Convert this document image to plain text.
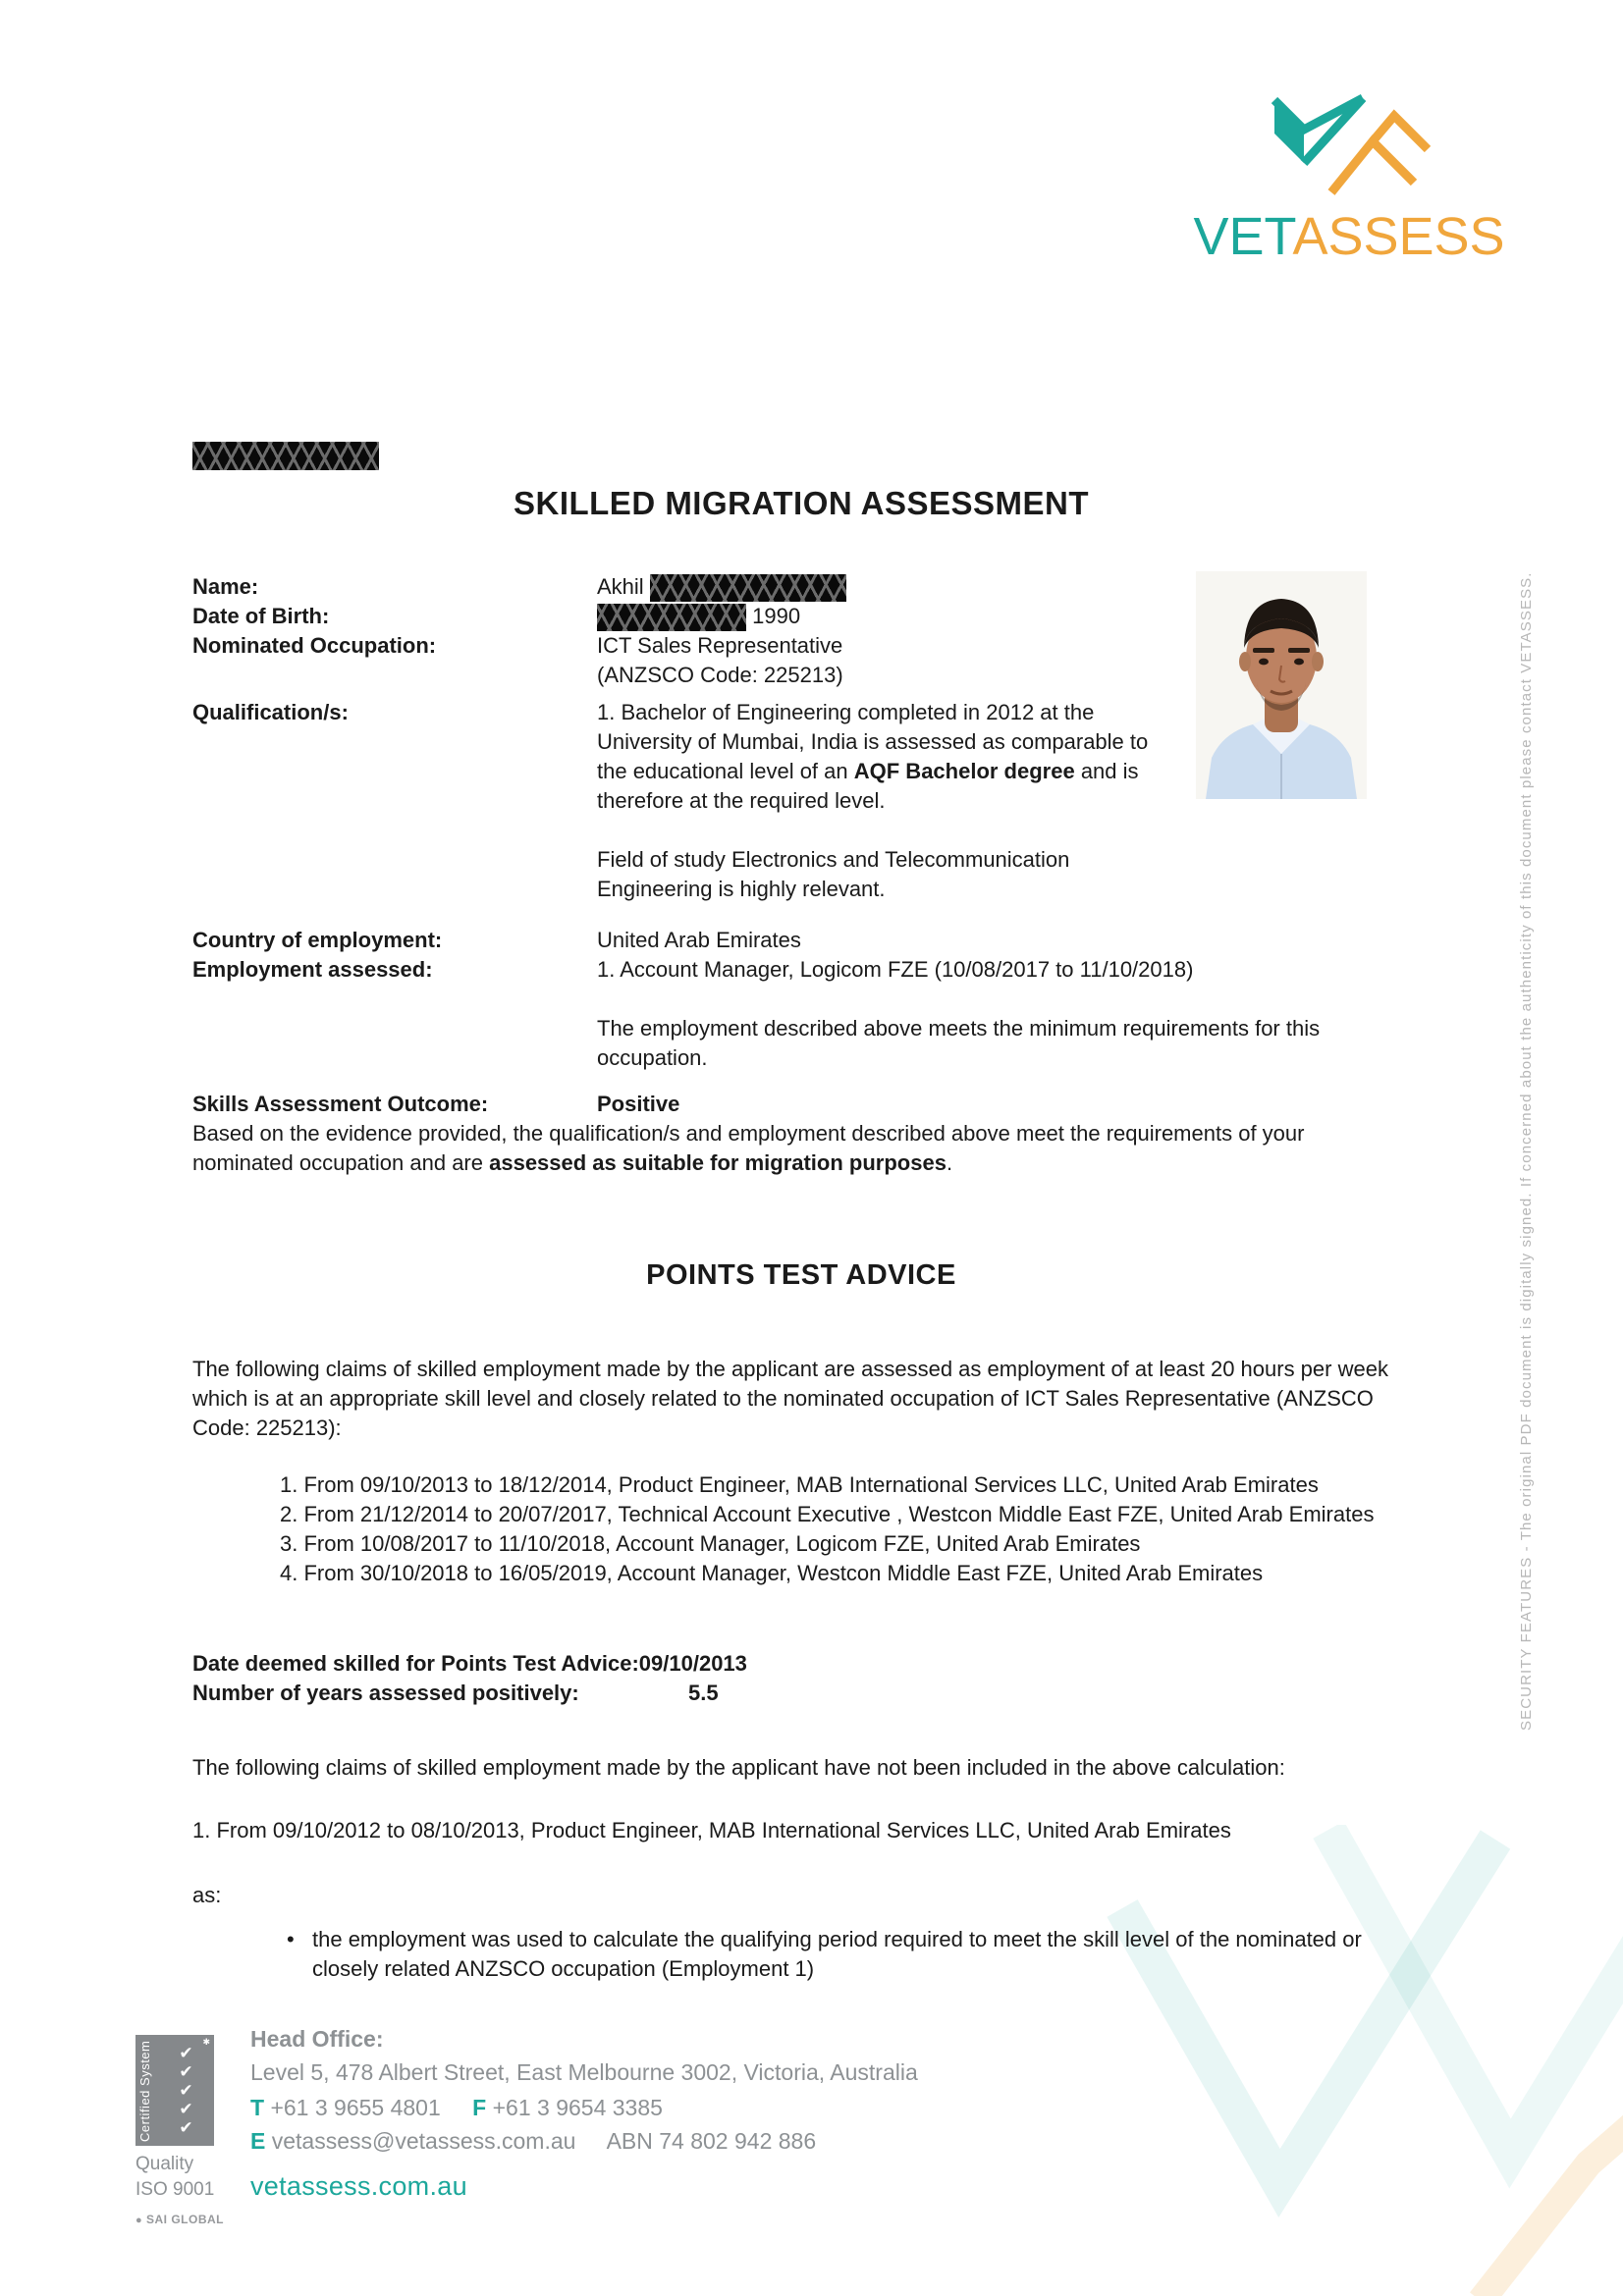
VETASSESS
SECURITY FEATURES - The original PDF document is digitally signed. If concerned about the authenticity of this document please contact VETASSESS.
SKILLED MIGRATION ASSESSMENT
Name:	Akhil
Date of Birth:	1990
Nominated Occupation:	ICT Sales Representative
(ANZSCO Code: 225213)
Qualification/s:	1. Bachelor of Engineering completed in 2012 at the University of Mumbai, India is assessed as comparable to the educational level of an AQF Bachelor degree and is therefore at the required level.
Field of study Electronics and Telecommunication Engineering is highly relevant.
Country of employment:	United Arab Emirates
Employment assessed:	1. Account Manager, Logicom FZE (10/08/2017 to 11/10/2018)
The employment described above meets the minimum requirements for this occupation.
Skills Assessment Outcome:	Positive
Based on the evidence provided, the qualification/s and employment described above meet the requirements of your nominated occupation and are assessed as suitable for migration purposes.
POINTS TEST ADVICE
The following claims of skilled employment made by the applicant are assessed as employment of at least 20 hours per week which is at an appropriate skill level and closely related to the nominated occupation of ICT Sales Representative (ANZSCO Code: 225213):
1. From 09/10/2013 to 18/12/2014, Product Engineer, MAB International Services LLC, United Arab Emirates
2. From 21/12/2014 to 20/07/2017, Technical Account Executive , Westcon Middle East FZE, United Arab Emirates
3. From 10/08/2017 to 11/10/2018, Account Manager, Logicom FZE, United Arab Emirates
4. From 30/10/2018 to 16/05/2019, Account Manager, Westcon Middle East FZE, United Arab Emirates
Date deemed skilled for Points Test Advice:09/10/2013
Number of years assessed positively:	5.5
The following claims of skilled employment made by the applicant have not been included in the above calculation:
1. From 09/10/2012 to 08/10/2013, Product Engineer, MAB International Services LLC, United Arab Emirates
as:
• the employment was used to calculate the qualifying period required to meet the skill level of the nominated or closely related ANZSCO occupation (Employment 1)
Certified System	✔
✔
✔
✔
✔
✱
Quality
ISO 9001
● SAI GLOBAL
Head Office:
Level 5, 478 Albert Street, East Melbourne 3002, Victoria, Australia
T +61 3 9655 4801 F +61 3 9654 3385
E vetassess@vetassess.com.au ABN 74 802 942 886
vetassess.com.au
